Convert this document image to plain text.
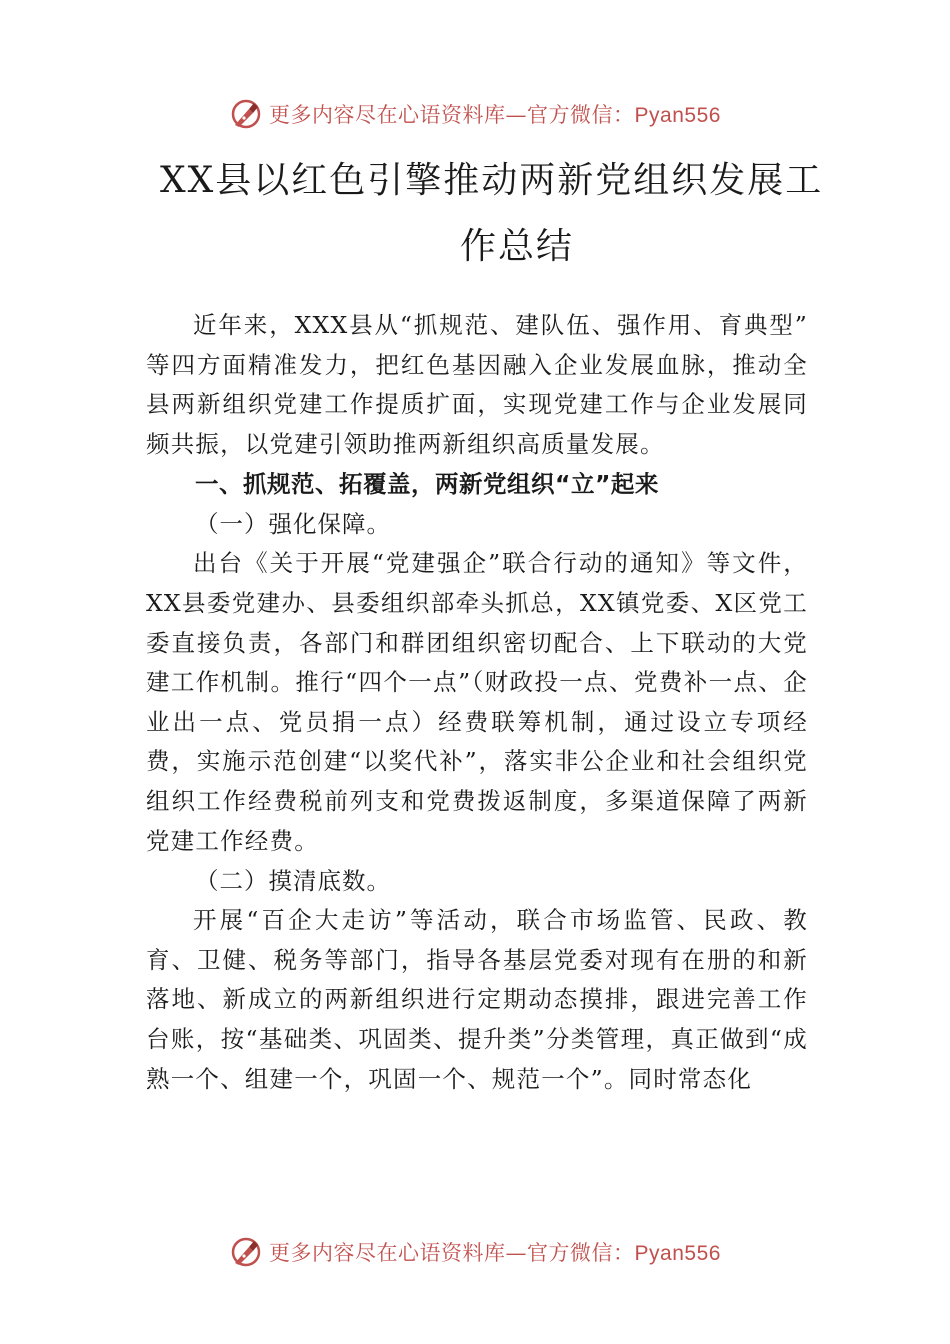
更多内容尽在心语资料库—官方微信：Pyan556
XX县以红色引擎推动两新党组织发展工
作总结

近年来，XXX县从“抓规范、建队伍、强作用、育典型” 等四方面精准发力，把红色基因融入企业发展血脉，推动全县两新组织党建工作提质扩面，实现党建工作与企业发展同频共振，以党建引领助推两新组织高质量发展。

一、抓规范、拓覆盖，两新党组织“立”起来
（一）强化保障。

出台《关于开展“党建强企”联合行动的通知》等文件，XX县委党建办、县委组织部牵头抓总，XX镇党委、X区党工委直接负责，各部门和群团组织密切配合、上下联动的大党建工作机制。推行“四个一点”（财政投一点、党费补一点、企业出一点、党员捐一点）经费联筹机制，通过设立专项经费，实施示范创建“以奖代补”，落实非公企业和社会组织党组织工作经费税前列支和党费拨返制度，多渠道保障了两新党建工作经费。

（二）摸清底数。

开展“百企大走访”等活动，联合市场监管、民政、教育、卫健、税务等部门，指导各基层党委对现有在册的和新落地、新成立的两新组织进行定期动态摸排，跟进完善工作台账，按“基础类、巩固类、提升类”分类管理，真正做到“成熟一个、组建一个，巩固一个、规范一个”。同时常态化

更多内容尽在心语资料库—官方微信：Pyan556
